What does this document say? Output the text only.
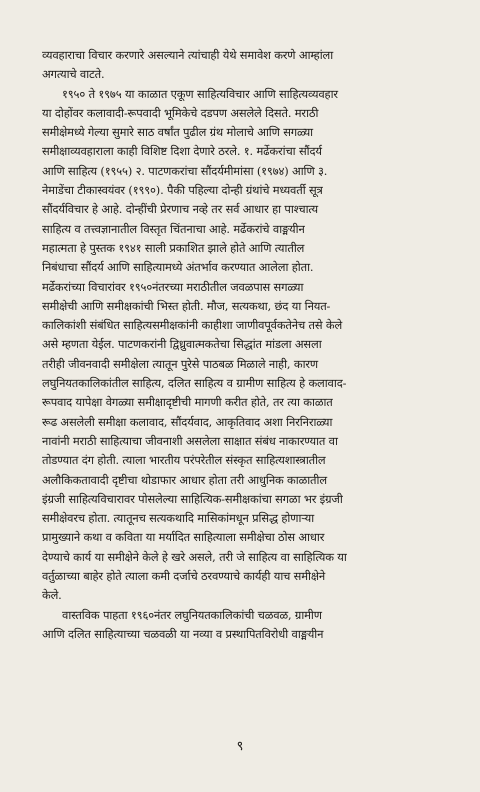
व्यवहाराचा विचार करणारे असल्याने त्यांचाही येथे समावेश करणे आम्हांला
अगत्याचे वाटते.
१९५० ते १९७५ या काळात एकूण साहित्यविचार आणि साहित्यव्यवहार
या दोहोंवर कलावादी-रूपवादी भूमिकेचे दडपण असलेले दिसते. मराठी
समीक्षेमध्ये गेल्या सुमारे साठ वर्षांत पुढील ग्रंथ मोलाचे आणि सगळ्या
समीक्षाव्यवहाराला काही विशिष्ट दिशा देणारे ठरले. १. मर्ढेकरांचा सौंदर्य
आणि साहित्य (१९५५) २. पाटणकरांचा सौंदर्यमीमांसा (१९७४) आणि ३.
नेमाडेंचा टीकास्वयंवर (१९९०). पैकी पहिल्या दोन्ही ग्रंथांचे मध्यवर्ती सूत्र
सौंदर्यविचार हे आहे. दोन्हींची प्रेरणाच नव्हे तर सर्व आधार हा पाश्चात्य
साहित्य व तत्त्वज्ञानातील विस्तृत चिंतनाचा आहे. मर्ढेकरांचे वाङ्मयीन
महात्मता हे पुस्तक १९४१ साली प्रकाशित झाले होते आणि त्यातील
निबंधाचा सौंदर्य आणि साहित्यामध्ये अंतर्भाव करण्यात आलेला होता.
मर्ढेकरांच्या विचारांवर १९५०नंतरच्या मराठीतील जवळपास सगळ्या
समीक्षेची आणि समीक्षकांची भिस्त होती. मौज, सत्यकथा, छंद या नियत-
कालिकांशी संबंधित साहित्यसमीक्षकांनी काहीशा जाणीवपूर्वकतेनेच तसे केले
असे म्हणता येईल. पाटणकरांनी द्विध्रुवात्मकतेचा सिद्धांत मांडला असला
तरीही जीवनवादी समीक्षेला त्यातून पुरेसे पाठबळ मिळाले नाही, कारण
लघुनियतकालिकांतील साहित्य, दलित साहित्य व ग्रामीण साहित्य हे कलावाद-
रूपवाद यापेक्षा वेगळ्या समीक्षादृष्टीची मागणी करीत होते, तर त्या काळात
रूढ असलेली समीक्षा कलावाद, सौंदर्यवाद, आकृतिवाद अशा निरनिराळ्या
नावांनी मराठी साहित्याचा जीवनाशी असलेला साक्षात संबंध नाकारण्यात वा
तोडण्यात दंग होती. त्याला भारतीय परंपरेतील संस्कृत साहित्यशास्त्रातील
अलौकिकतावादी दृष्टीचा थोडाफार आधार होता तरी आधुनिक काळातील
इंग्रजी साहित्यविचारावर पोसलेल्या साहित्यिक-समीक्षकांचा सगळा भर इंग्रजी
समीक्षेवरच होता. त्यातूनच सत्यकथादि मासिकांमधून प्रसिद्ध होणाऱ्या
प्रामुख्याने कथा व कविता या मर्यादित साहित्याला समीक्षेचा ठोस आधार
देण्याचे कार्य या समीक्षेने केले हे खरे असले, तरी जे साहित्य वा साहित्यिक या
वर्तुळाच्या बाहेर होते त्याला कमी दर्जाचे ठरवण्याचे कार्यही याच समीक्षेने
केले.
वास्तविक पाहता १९६०नंतर लघुनियतकालिकांची चळवळ, ग्रामीण
आणि दलित साहित्याच्या चळवळी या नव्या व प्रस्थापितविरोधी वाङ्मयीन
९
